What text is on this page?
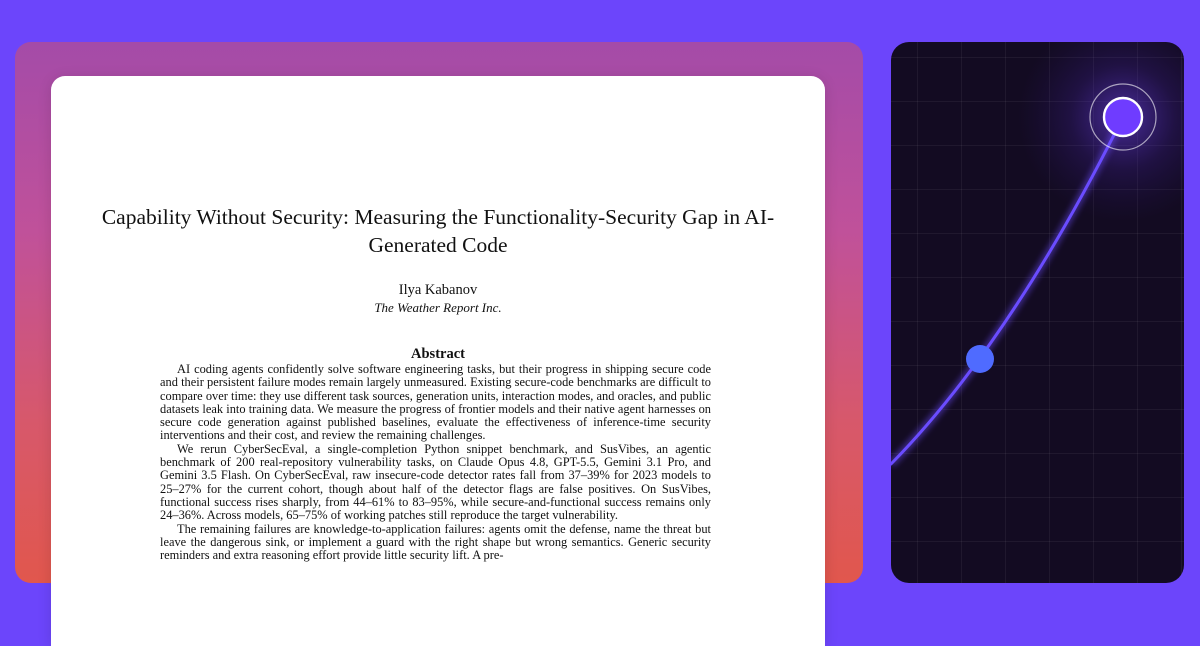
Capability Without Security: Measuring the Functionality-Security Gap in AI-Generated Code
Ilya Kabanov
The Weather Report Inc.
Abstract

AI coding agents confidently solve software engineering tasks, but their progress in shipping secure code and their persistent failure modes remain largely unmeasured. Existing secure-code benchmarks are difficult to compare over time: they use different task sources, generation units, interaction modes, and oracles, and public datasets leak into training data. We measure the progress of frontier models and their native agent harnesses on secure code generation against published baselines, evaluate the effectiveness of inference-time security interventions and their cost, and review the remaining challenges.

We rerun CyberSecEval, a single-completion Python snippet benchmark, and SusVibes, an agentic benchmark of 200 real-repository vulnerability tasks, on Claude Opus 4.8, GPT-5.5, Gemini 3.1 Pro, and Gemini 3.5 Flash. On CyberSecEval, raw insecure-code detector rates fall from 37–39% for 2023 models to 25–27% for the current cohort, though about half of the detector flags are false positives. On SusVibes, functional success rises sharply, from 44–61% to 83–95%, while secure-and-functional success remains only 24–36%. Across models, 65–75% of working patches still reproduce the target vulnerability.

The remaining failures are knowledge-to-application failures: agents omit the defense, name the threat but leave the dangerous sink, or implement a guard with the right shape but wrong semantics. Generic security reminders and extra reasoning effort provide little security lift. A pre-
